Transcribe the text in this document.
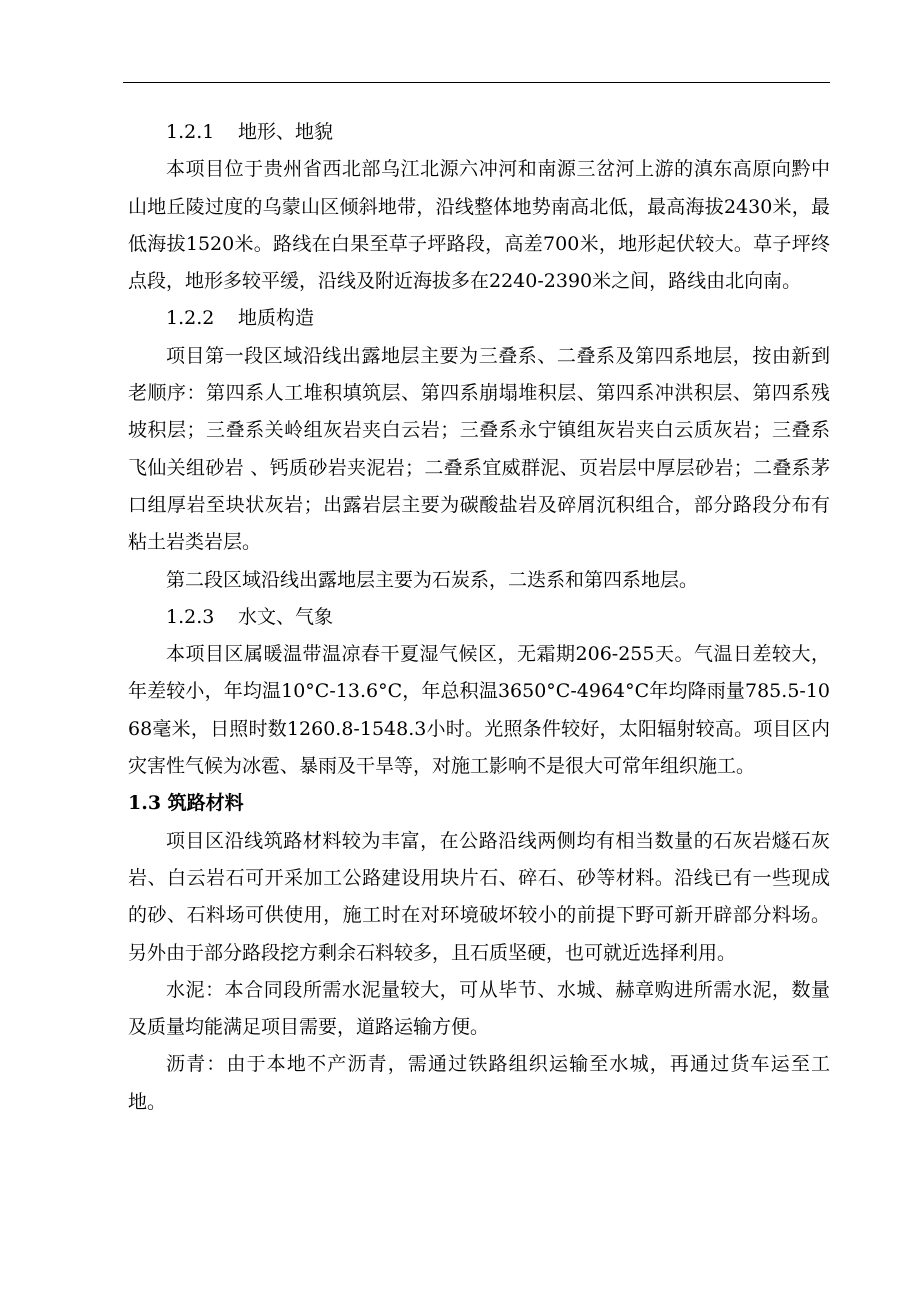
1.2.1 地形、地貌

本项目位于贵州省西北部乌江北源六冲河和南源三岔河上游的滇东高原向黔中山地丘陵过度的乌蒙山区倾斜地带，沿线整体地势南高北低，最高海拔2430米，最低海拔1520米。路线在白果至草子坪路段，高差700米，地形起伏较大。草子坪终点段，地形多较平缓，沿线及附近海拔多在2240-2390米之间，路线由北向南。

1.2.2 地质构造

项目第一段区域沿线出露地层主要为三叠系、二叠系及第四系地层，按由新到老顺序：第四系人工堆积填筑层、第四系崩塌堆积层、第四系冲洪积层、第四系残坡积层；三叠系关岭组灰岩夹白云岩；三叠系永宁镇组灰岩夹白云质灰岩；三叠系飞仙关组砂岩 、钙质砂岩夹泥岩；二叠系宜威群泥、页岩层中厚层砂岩；二叠系茅口组厚岩至块状灰岩；出露岩层主要为碳酸盐岩及碎屑沉积组合，部分路段分布有粘土岩类岩层。

第二段区域沿线出露地层主要为石炭系，二迭系和第四系地层。

1.2.3 水文、气象

本项目区属暖温带温凉春干夏湿气候区，无霜期206-255天。气温日差较大，年差较小，年均温10°C-13.6°C，年总积温3650°C-4964°C年均降雨量785.5-1068毫米，日照时数1260.8-1548.3小时。光照条件较好，太阳辐射较高。项目区内灾害性气候为冰雹、暴雨及干旱等，对施工影响不是很大可常年组织施工。

1.3 筑路材料

项目区沿线筑路材料较为丰富，在公路沿线两侧均有相当数量的石灰岩燧石灰岩、白云岩石可开采加工公路建设用块片石、碎石、砂等材料。沿线已有一些现成的砂、石料场可供使用，施工时在对环境破坏较小的前提下野可新开辟部分料场。另外由于部分路段挖方剩余石料较多，且石质坚硬，也可就近选择利用。

水泥：本合同段所需水泥量较大，可从毕节、水城、赫章购进所需水泥，数量及质量均能满足项目需要，道路运输方便。

沥青：由于本地不产沥青，需通过铁路组织运输至水城，再通过货车运至工地。
